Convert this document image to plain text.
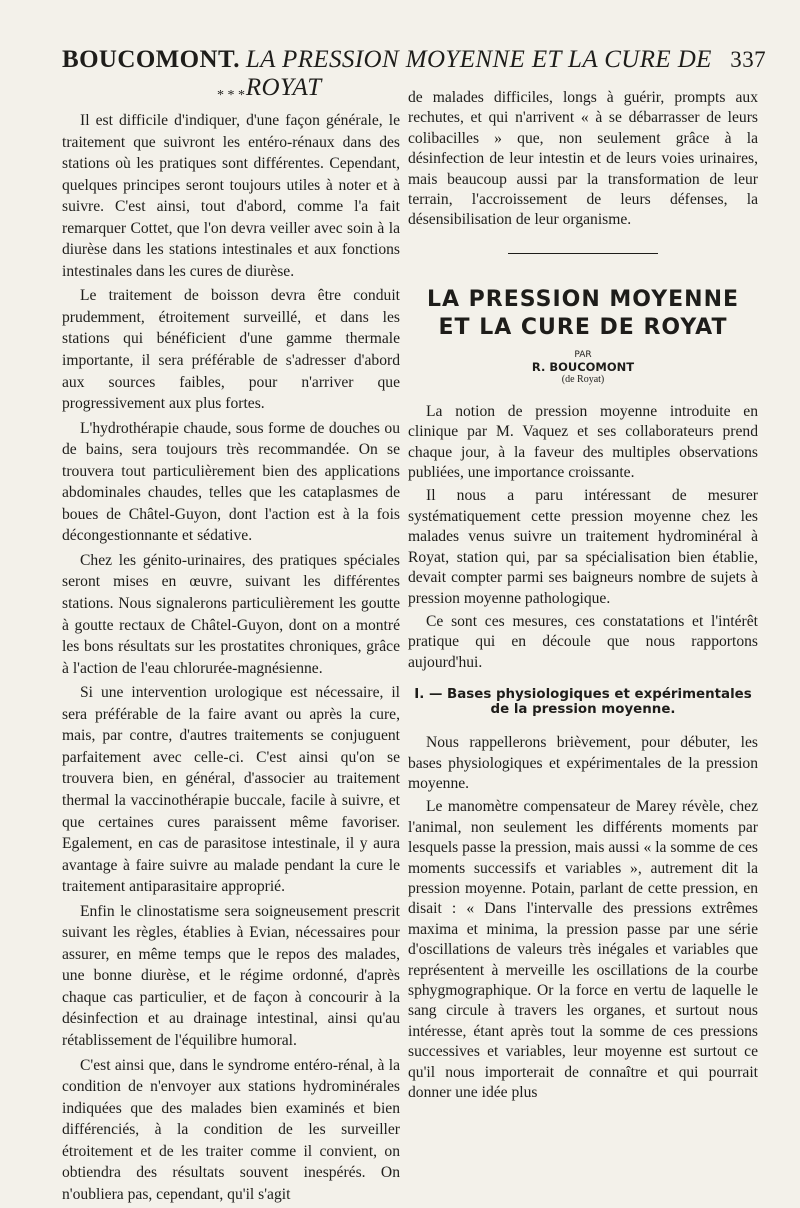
BOUCOMONT. LA PRESSION MOYENNE ET LA CURE DE ROYAT
337
* * *

Il est difficile d'indiquer, d'une façon générale, le traitement que suivront les entéro-rénaux dans des stations où les pratiques sont différentes. Cependant, quelques principes seront toujours utiles à noter et à suivre. C'est ainsi, tout d'abord, comme l'a fait remarquer Cottet, que l'on devra veiller avec soin à la diurèse dans les stations intestinales et aux fonctions intestinales dans les cures de diurèse.

Le traitement de boisson devra être conduit prudemment, étroitement surveillé, et dans les stations qui bénéficient d'une gamme thermale importante, il sera préférable de s'adresser d'abord aux sources faibles, pour n'arriver que progressivement aux plus fortes.

L'hydrothérapie chaude, sous forme de douches ou de bains, sera toujours très recommandée. On se trouvera tout particulièrement bien des applications abdominales chaudes, telles que les cataplasmes de boues de Châtel-Guyon, dont l'action est à la fois décongestionnante et sédative.

Chez les génito-urinaires, des pratiques spéciales seront mises en œuvre, suivant les différentes stations. Nous signalerons particulièrement les goutte à goutte rectaux de Châtel-Guyon, dont on a montré les bons résultats sur les prostatites chroniques, grâce à l'action de l'eau chlorurée-magnésienne.

Si une intervention urologique est nécessaire, il sera préférable de la faire avant ou après la cure, mais, par contre, d'autres traitements se conjuguent parfaitement avec celle-ci. C'est ainsi qu'on se trouvera bien, en général, d'associer au traitement thermal la vaccinothérapie buccale, facile à suivre, et que certaines cures paraissent même favoriser. Egalement, en cas de parasitose intestinale, il y aura avantage à faire suivre au malade pendant la cure le traitement antiparasitaire approprié.

Enfin le clinostatisme sera soigneusement prescrit suivant les règles, établies à Evian, nécessaires pour assurer, en même temps que le repos des malades, une bonne diurèse, et le régime ordonné, d'après chaque cas particulier, et de façon à concourir à la désinfection et au drainage intestinal, ainsi qu'au rétablissement de l'équilibre humoral.

C'est ainsi que, dans le syndrome entéro-rénal, à la condition de n'envoyer aux stations hydrominérales indiquées que des malades bien examinés et bien différenciés, à la condition de les surveiller étroitement et de les traiter comme il convient, on obtiendra des résultats souvent inespérés. On n'oubliera pas, cependant, qu'il s'agit

de malades difficiles, longs à guérir, prompts aux rechutes, et qui n'arrivent « à se débarrasser de leurs colibacilles » que, non seulement grâce à la désinfection de leur intestin et de leurs voies urinaires, mais beaucoup aussi par la transformation de leur terrain, l'accroissement de leurs défenses, la désensibilisation de leur organisme.

LA PRESSION MOYENNE
ET LA CURE DE ROYAT
PAR
R. BOUCOMONT
(de Royat)

La notion de pression moyenne introduite en clinique par M. Vaquez et ses collaborateurs prend chaque jour, à la faveur des multiples observations publiées, une importance croissante.

Il nous a paru intéressant de mesurer systématiquement cette pression moyenne chez les malades venus suivre un traitement hydrominéral à Royat, station qui, par sa spécialisation bien établie, devait compter parmi ses baigneurs nombre de sujets à pression moyenne pathologique.

Ce sont ces mesures, ces constatations et l'intérêt pratique qui en découle que nous rapportons aujourd'hui.

I. — Bases physiologiques et expérimentales
de la pression moyenne.

Nous rappellerons brièvement, pour débuter, les bases physiologiques et expérimentales de la pression moyenne.

Le manomètre compensateur de Marey révèle, chez l'animal, non seulement les différents moments par lesquels passe la pression, mais aussi « la somme de ces moments successifs et variables », autrement dit la pression moyenne. Potain, parlant de cette pression, en disait : « Dans l'intervalle des pressions extrêmes maxima et minima, la pression passe par une série d'oscillations de valeurs très inégales et variables que représentent à merveille les oscillations de la courbe sphygmographique. Or la force en vertu de laquelle le sang circule à travers les organes, et surtout nous intéresse, étant après tout la somme de ces pressions successives et variables, leur moyenne est surtout ce qu'il nous importerait de connaître et qui pourrait donner une idée plus
